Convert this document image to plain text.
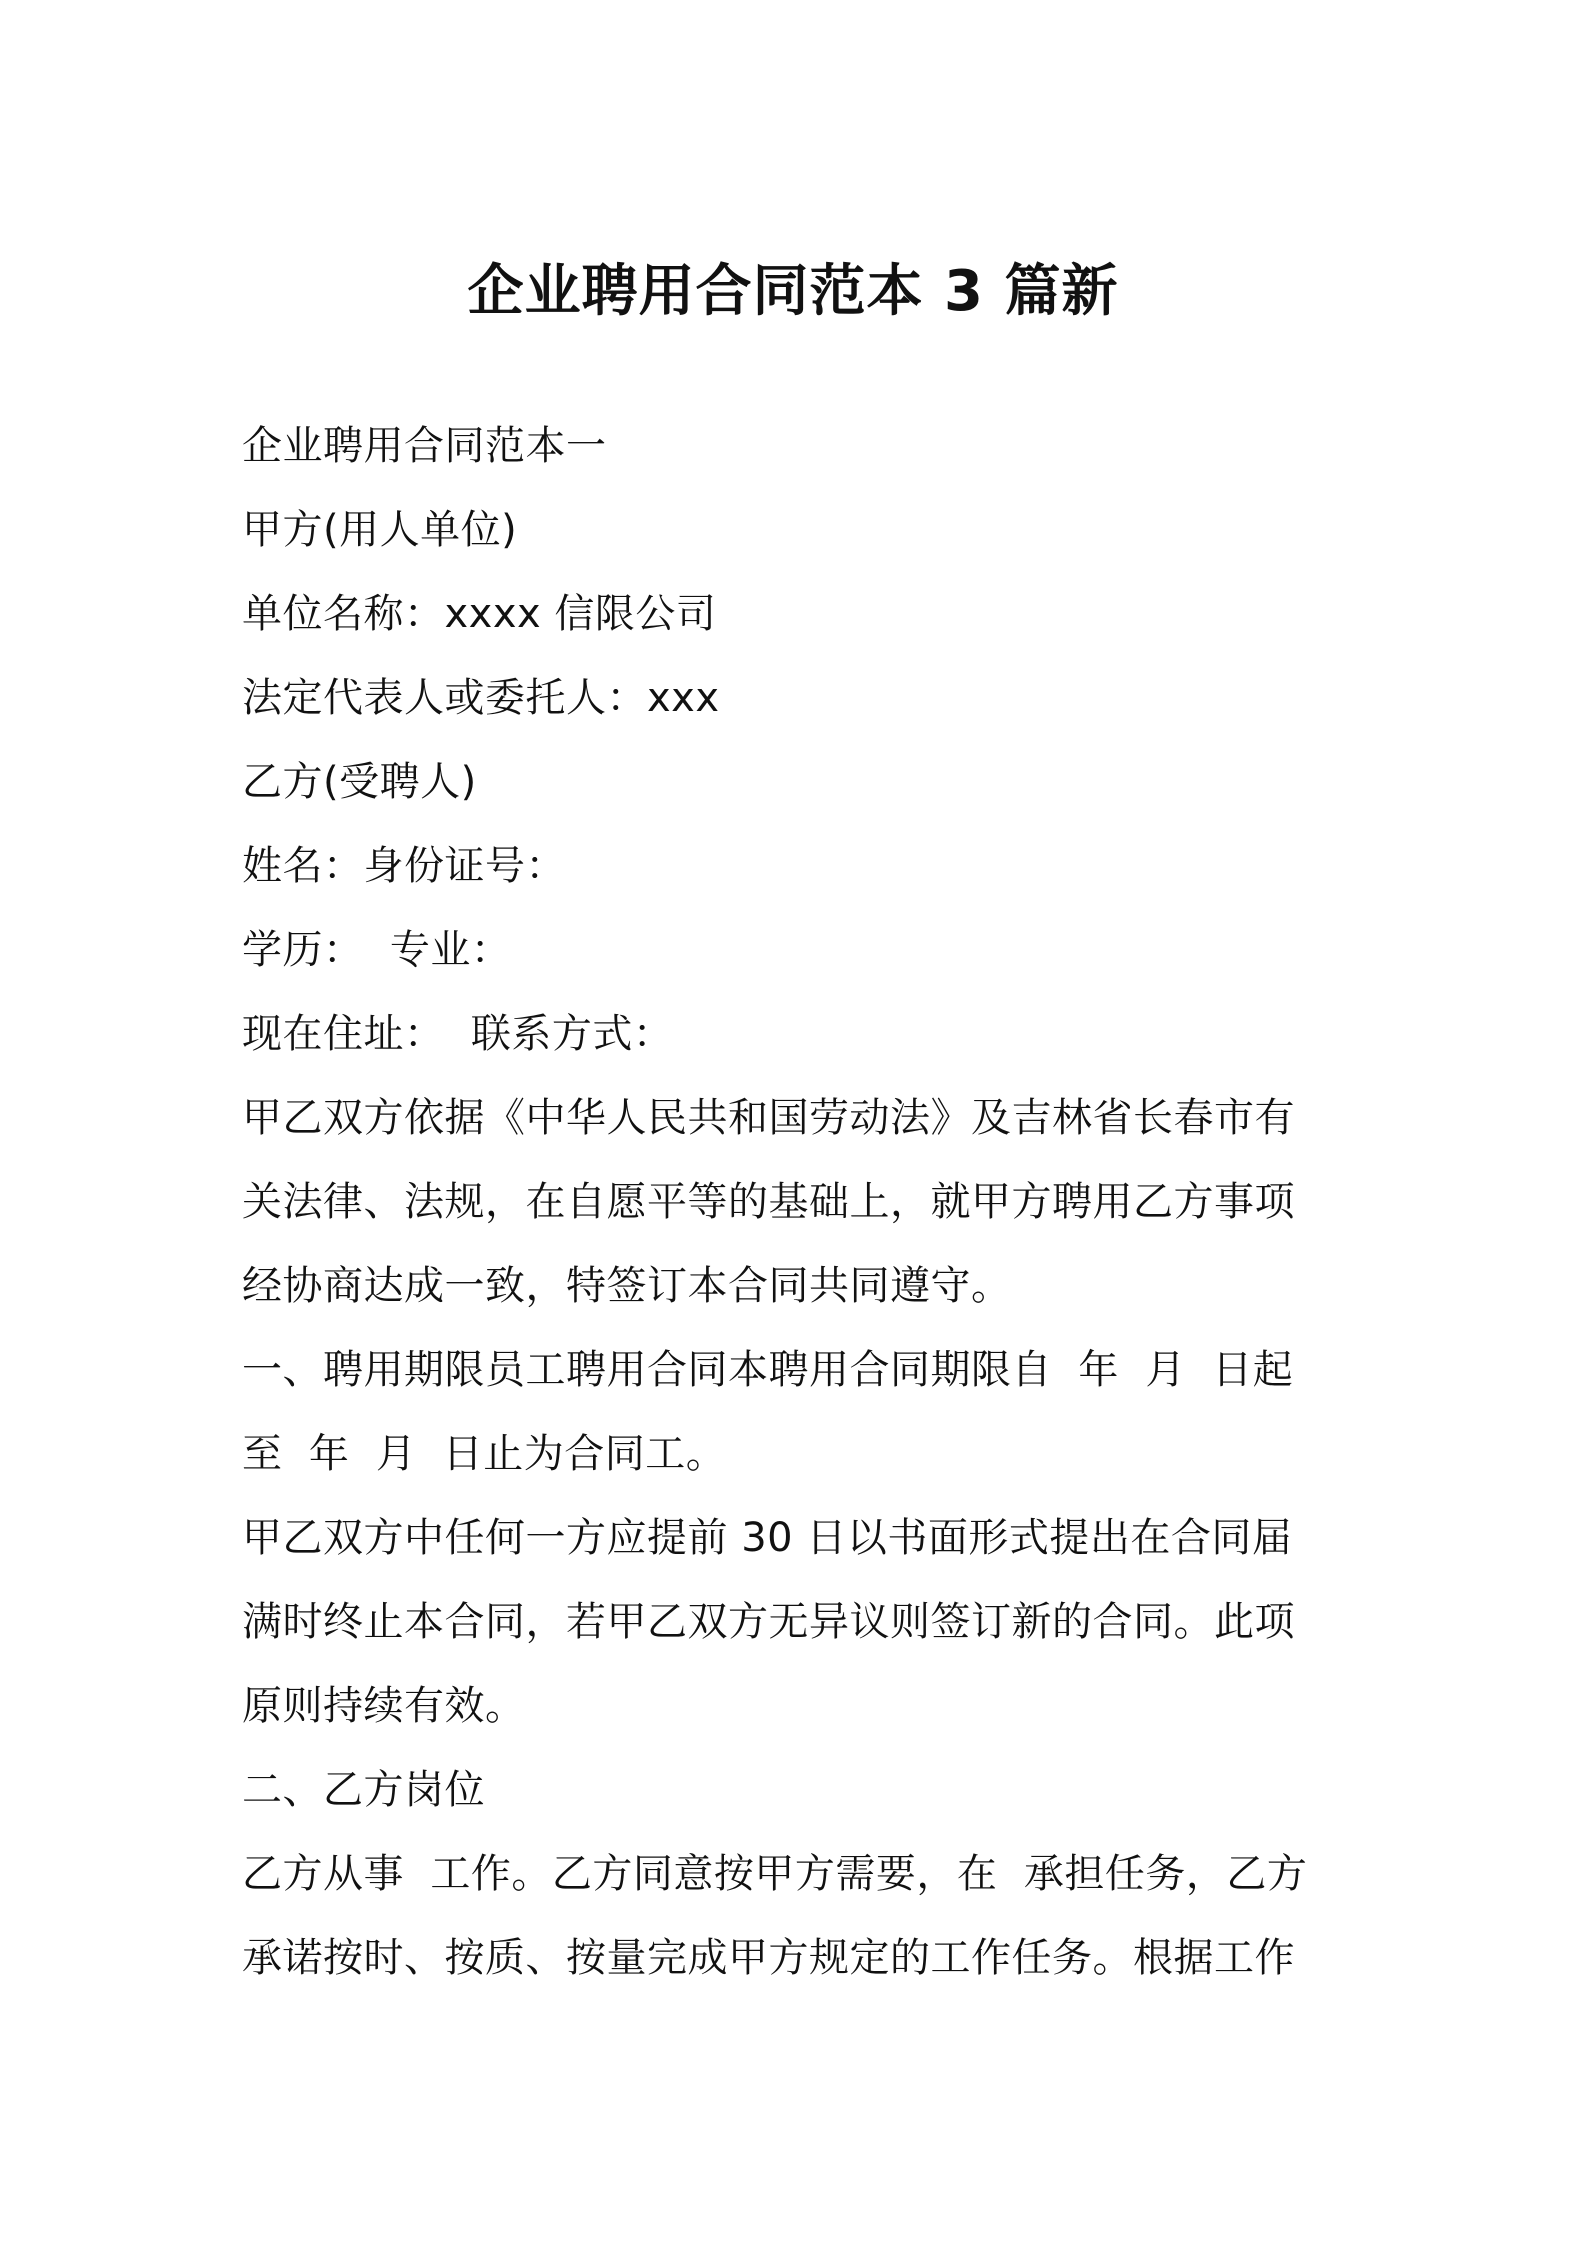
企业聘用合同范本 3 篇新

企业聘用合同范本一

甲方(用人单位)

单位名称：xxxx 信限公司

法定代表人或委托人：xxx

乙方(受聘人)

姓名：身份证号：

学历：  专业：

现在住址：  联系方式：

甲乙双方依据《中华人民共和国劳动法》及吉林省长春市有

关法律、法规，在自愿平等的基础上，就甲方聘用乙方事项

经协商达成一致，特签订本合同共同遵守。

一、聘用期限员工聘用合同本聘用合同期限自  年  月  日起

至  年  月  日止为合同工。

甲乙双方中任何一方应提前 30 日以书面形式提出在合同届

满时终止本合同，若甲乙双方无异议则签订新的合同。此项

原则持续有效。

二、乙方岗位

乙方从事  工作。乙方同意按甲方需要，在  承担任务，乙方

承诺按时、按质、按量完成甲方规定的工作任务。根据工作
